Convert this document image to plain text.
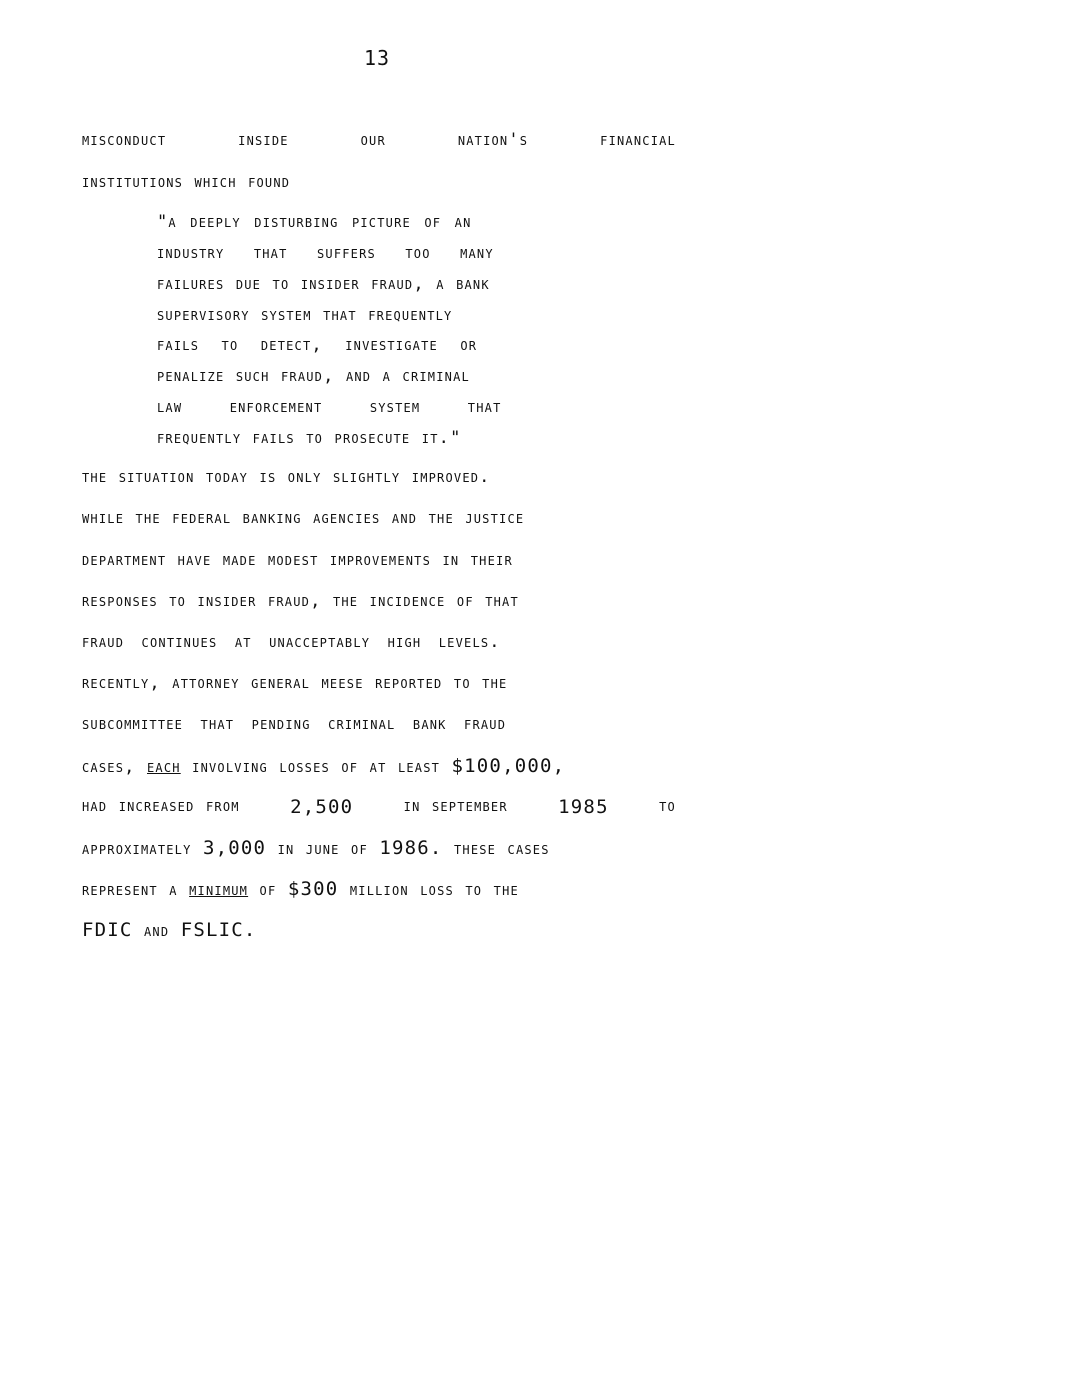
13
misconduct	inside	our	nation's	financial
institutions which found
"a deeply disturbing picture of an
industry that suffers too many
failures due to insider fraud, a bank
supervisory system that frequently
fails to detect, investigate or
penalize such fraud, and a criminal
law enforcement system that
frequently fails to prosecute it."
the situation today is only slightly improved.
while the federal banking agencies and the justice
department have made modest improvements in their
responses to insider fraud, the incidence of that
fraud continues at unacceptably high levels.
recently, attorney general meese reported to the
subcommittee that pending criminal bank fraud
cases, each involving losses of at least $100,000,
had increased from	2,500	in september	1985	to
approximately 3,000 in june of 1986. these cases
represent a minimum of $300 million loss to the
FDIC and FSLIC.
